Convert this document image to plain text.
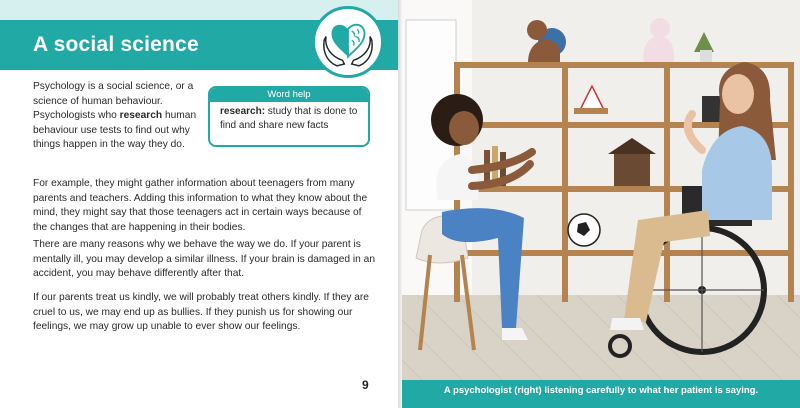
A social science

Psychology is a social science, or a science of human behaviour. Psychologists who research human behaviour use tests to find out why things happen in the way they do.

Word help
research: study that is done to find and share new facts

For example, they might gather information about teenagers from many parents and teachers. Adding this information to what they know about the mind, they might say that those teenagers act in certain ways because of the changes that are happening in their bodies.

There are many reasons why we behave the way we do. If your parent is mentally ill, you may develop a similar illness. If your brain is damaged in an accident, you may behave differently after that.

If our parents treat us kindly, we will probably treat others kindly. If they are cruel to us, we may end up as bullies. If they punish us for showing our feelings, we may grow up unable to ever show our feelings.

9	A psychologist (right) listening carefully to what her patient is saying.
